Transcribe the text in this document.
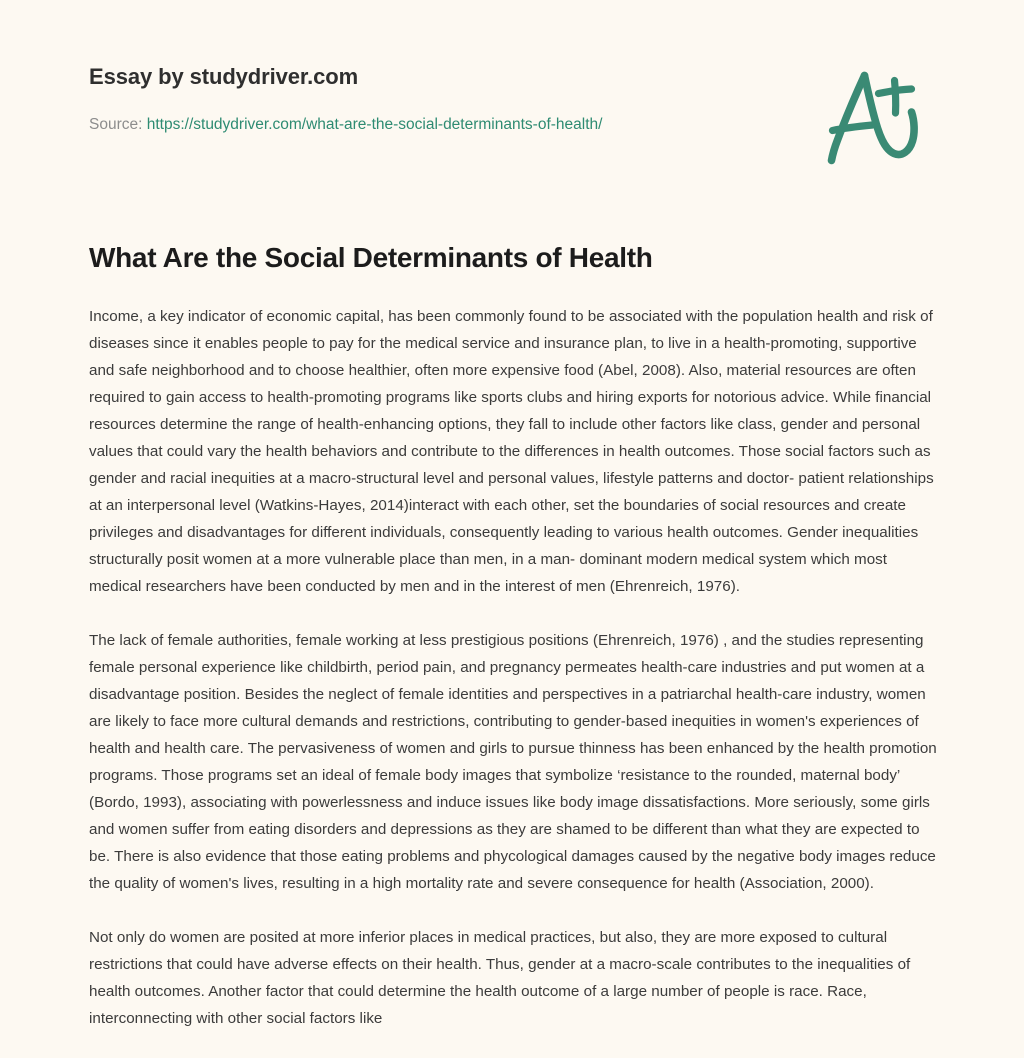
Essay by studydriver.com
Source: https://studydriver.com/what-are-the-social-determinants-of-health/
What Are the Social Determinants of Health

Income, a key indicator of economic capital, has been commonly found to be associated with the population health and risk of diseases since it enables people to pay for the medical service and insurance plan, to live in a health-promoting, supportive and safe neighborhood and to choose healthier, often more expensive food (Abel, 2008). Also, material resources are often required to gain access to health-promoting programs like sports clubs and hiring exports for notorious advice. While financial resources determine the range of health-enhancing options, they fall to include other factors like class, gender and personal values that could vary the health behaviors and contribute to the differences in health outcomes. Those social factors such as gender and racial inequities at a macro-structural level and personal values, lifestyle patterns and doctor- patient relationships at an interpersonal level (Watkins-Hayes, 2014)interact with each other, set the boundaries of social resources and create privileges and disadvantages for different individuals, consequently leading to various health outcomes. Gender inequalities structurally posit women at a more vulnerable place than men, in a man- dominant modern medical system which most medical researchers have been conducted by men and in the interest of men (Ehrenreich, 1976).

The lack of female authorities, female working at less prestigious positions (Ehrenreich, 1976) , and the studies representing female personal experience like childbirth, period pain, and pregnancy permeates health-care industries and put women at a disadvantage position. Besides the neglect of female identities and perspectives in a patriarchal health-care industry, women are likely to face more cultural demands and restrictions, contributing to gender-based inequities in women's experiences of health and health care. The pervasiveness of women and girls to pursue thinness has been enhanced by the health promotion programs. Those programs set an ideal of female body images that symbolize ‘resistance to the rounded, maternal body’ (Bordo, 1993), associating with powerlessness and induce issues like body image dissatisfactions. More seriously, some girls and women suffer from eating disorders and depressions as they are shamed to be different than what they are expected to be. There is also evidence that those eating problems and phycological damages caused by the negative body images reduce the quality of women's lives, resulting in a high mortality rate and severe consequence for health (Association, 2000).

Not only do women are posited at more inferior places in medical practices, but also, they are more exposed to cultural restrictions that could have adverse effects on their health. Thus, gender at a macro-scale contributes to the inequalities of health outcomes. Another factor that could determine the health outcome of a large number of people is race. Race, interconnecting with other social factors like
